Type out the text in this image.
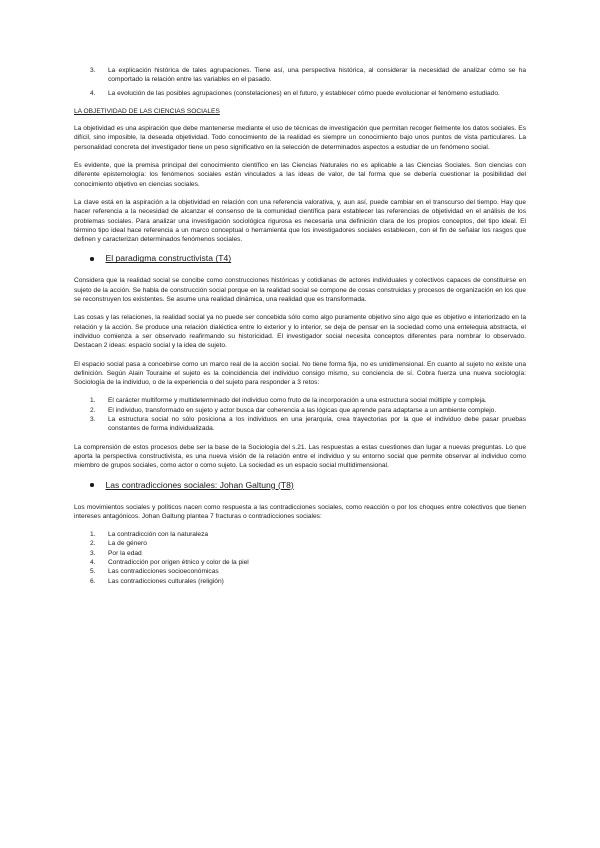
3.	La explicación histórica de tales agrupaciones. Tiene así, una perspectiva histórica, al considerar la necesidad de analizar cómo se ha comportado la relación entre las variables en el pasado.
4.	La evolución de las posibles agrupaciones (constelaciones) en el futuro, y establecer cómo puede evolucionar el fenómeno estudiado.
LA OBJETIVIDAD DE LAS CIENCIAS SOCIALES

La objetividad es una aspiración que debe mantenerse mediante el uso de técnicas de investigación que permitan recoger fielmente los datos sociales. Es difícil, sino imposible, la deseada objetividad. Todo conocimiento de la realidad es siempre un conocimiento bajo unos puntos de vista particulares. La personalidad concreta del investigador tiene un peso significativo en la selección de determinados aspectos a estudiar de un fenómeno social.

Es evidente, que la premisa principal del conocimiento científico en las Ciencias Naturales no es aplicable a las Ciencias Sociales. Son ciencias con diferente epistemología: los fenómenos sociales están vinculados a las ideas de valor, de tal forma que se debería cuestionar la posibilidad del conocimiento objetivo en ciencias sociales.

La clave está en la aspiración a la objetividad en relación con una referencia valorativa, y, aun así, puede cambiar en el transcurso del tiempo. Hay que hacer referencia a la necesidad de alcanzar el consenso de la comunidad científica para establecer las referencias de objetividad en el análisis de los problemas sociales. Para analizar una investigación sociológica rigurosa es necesaria una definición clara de los propios conceptos, del tipo ideal. El término tipo ideal hace referencia a un marco conceptual o herramienta que los investigadores sociales establecen, con el fin de señalar los rasgos que definen y caracterizan determinados fenómenos sociales.

El paradigma constructivista (T4)

Considera que la realidad social se concibe como construcciones históricas y cotidianas de actores individuales y colectivos capaces de constituirse en sujeto de la acción. Se habla de construcción social porque en la realidad social se compone de cosas construidas y procesos de organización en los que se reconstruyen los existentes. Se asume una realidad dinámica, una realidad que es transformada.

Las cosas y las relaciones, la realidad social ya no puede ser concebida sólo como algo puramente objetivo sino algo que es objetivo e interiorizado en la relación y la acción. Se produce una relación dialéctica entre lo exterior y lo interior, se deja de pensar en la sociedad como una entelequia abstracta, el individuo comienza a ser observado reafirmando su historicidad. El investigador social necesita conceptos diferentes para nombrar lo observado. Destacan 2 ideas: espacio social y la idea de sujeto.

El espacio social pasa a concebirse como un marco real de la acción social. No tiene forma fija, no es unidimensional. En cuanto al sujeto no existe una definición. Según Alain Touraine el sujeto es la coincidencia del individuo consigo mismo, su conciencia de sí. Cobra fuerza una nueva sociología: Sociología de la individuo, o de la experiencia o del sujeto para responder a 3 retos:

1.	El carácter multiforme y multideterminado del individuo como fruto de la incorporación a una estructura social múltiple y compleja.
2.	El individuo, transformado en sujeto y actor busca dar coherencia a las lógicas que aprende para adaptarse a un ambiente complejo.
3.	La estructura social no sólo posiciona a los individuos en una jerarquía, crea trayectorias por la que el individuo debe pasar pruebas constantes de forma individualizada.

La comprensión de estos procesos debe ser la base de la Sociología del s.21. Las respuestas a estas cuestiones dan lugar a nuevas preguntas. Lo que aporta la perspectiva constructivista, es una nueva visión de la relación entre el individuo y su entorno social que permite observar al individuo como miembro de grupos sociales, como actor o como sujeto. La sociedad es un espacio social multidimensional.

Las contradicciones sociales: Johan Galtung (T8)

Los movimientos sociales y políticos nacen como respuesta a las contradicciones sociales, como reacción o por los choques entre colectivos que tienen intereses antagónicos. Johan Galtung plantea 7 fracturas o contradicciones sociales:

1.	La contradicción con la naturaleza
2.	La de género
3.	Por la edad
4.	Contradicción por origen étnico y color de la piel
5.	Las contradicciones socioeconómicas
6.	Las contradicciones culturales (religión)
